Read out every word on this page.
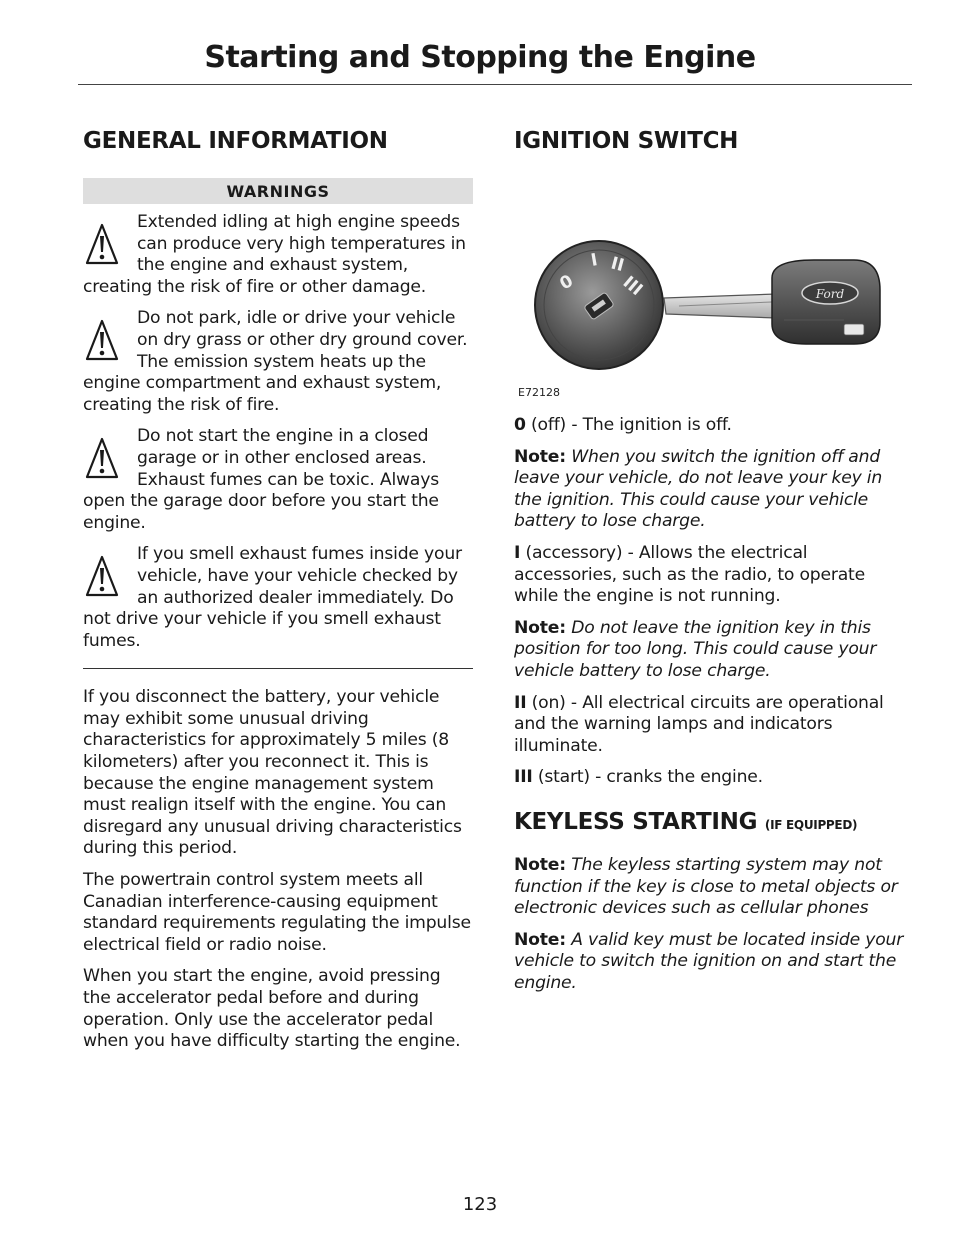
Starting and Stopping the Engine
GENERAL INFORMATION
WARNINGS
Extended idling at high engine speeds can produce very high temperatures in the engine and exhaust system, creating the risk of fire or other damage.
Do not park, idle or drive your vehicle on dry grass or other dry ground cover. The emission system heats up the engine compartment and exhaust system, creating the risk of fire.
Do not start the engine in a closed garage or in other enclosed areas. Exhaust fumes can be toxic. Always open the garage door before you start the engine.
If you smell exhaust fumes inside your vehicle, have your vehicle checked by an authorized dealer immediately. Do not drive your vehicle if you smell exhaust fumes.

If you disconnect the battery, your vehicle may exhibit some unusual driving characteristics for approximately 5 miles (8 kilometers) after you reconnect it. This is because the engine management system must realign itself with the engine. You can disregard any unusual driving characteristics during this period.

The powertrain control system meets all Canadian interference-causing equipment standard requirements regulating the impulse electrical field or radio noise.

When you start the engine, avoid pressing the accelerator pedal before and during operation. Only use the accelerator pedal when you have difficulty starting the engine.

IGNITION SWITCH
0
I II
III	Ford
E72128

0 (off) - The ignition is off.

Note: When you switch the ignition off and leave your vehicle, do not leave your key in the ignition. This could cause your vehicle battery to lose charge.

I (accessory) - Allows the electrical accessories, such as the radio, to operate while the engine is not running.

Note: Do not leave the ignition key in this position for too long. This could cause your vehicle battery to lose charge.

II (on) - All electrical circuits are operational and the warning lamps and indicators illuminate.

III (start) - cranks the engine.

KEYLESS STARTING (IF EQUIPPED)

Note: The keyless starting system may not function if the key is close to metal objects or electronic devices such as cellular phones

Note: A valid key must be located inside your vehicle to switch the ignition on and start the engine.

123
